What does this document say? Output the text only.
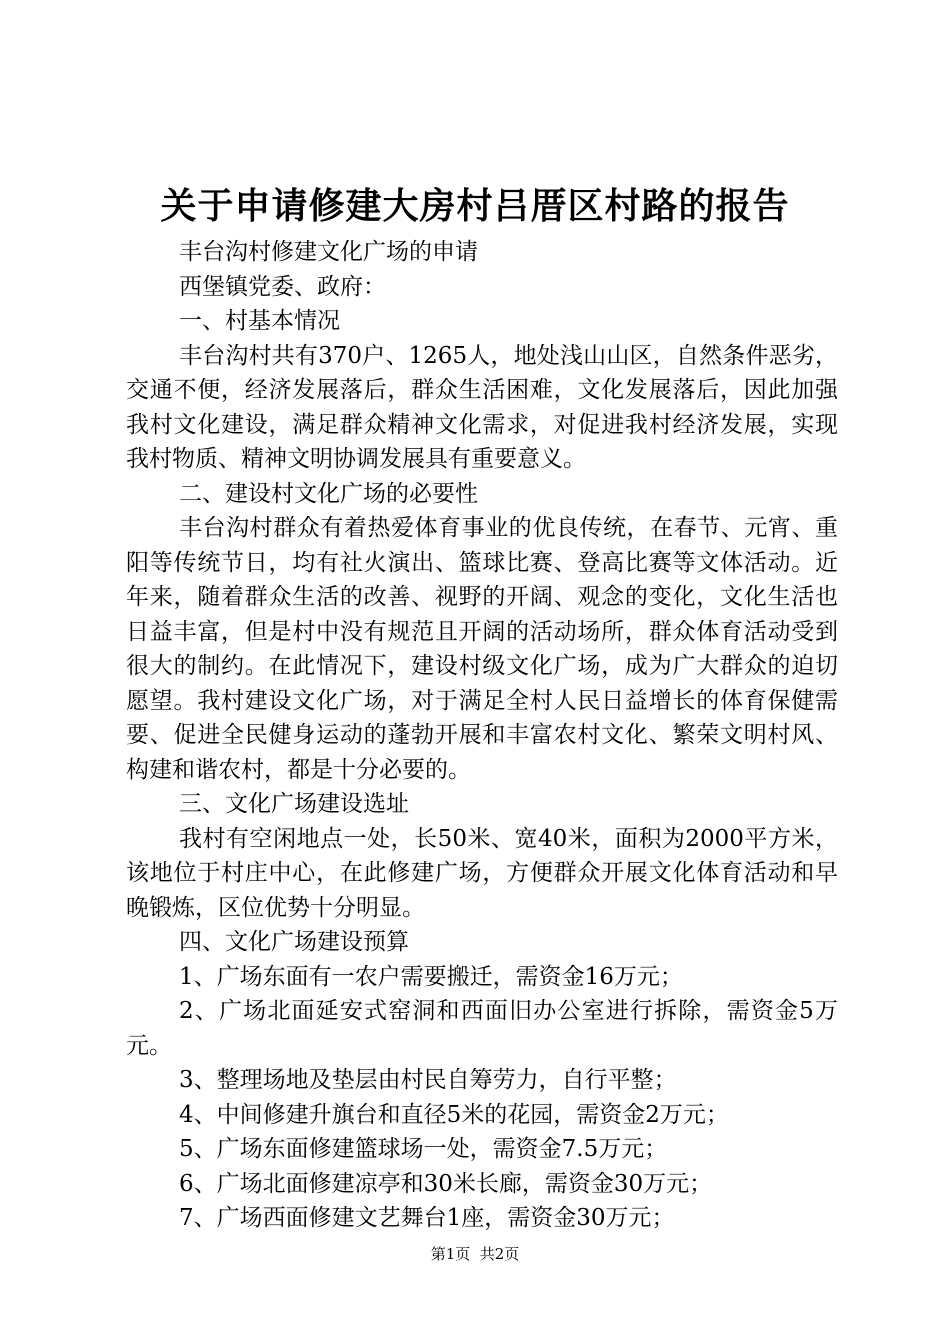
关于申请修建大房村吕厝区村路的报告

丰台沟村修建文化广场的申请

西堡镇党委、政府：

一、村基本情况

丰台沟村共有370户、1265人，地处浅山山区，自然条件恶劣，交通不便，经济发展落后，群众生活困难，文化发展落后，因此加强我村文化建设，满足群众精神文化需求，对促进我村经济发展，实现我村物质、精神文明协调发展具有重要意义。

二、建设村文化广场的必要性

丰台沟村群众有着热爱体育事业的优良传统，在春节、元宵、重阳等传统节日，均有社火演出、篮球比赛、登高比赛等文体活动。近年来，随着群众生活的改善、视野的开阔、观念的变化，文化生活也日益丰富，但是村中没有规范且开阔的活动场所，群众体育活动受到很大的制约。在此情况下，建设村级文化广场，成为广大群众的迫切愿望。我村建设文化广场，对于满足全村人民日益增长的体育保健需要、促进全民健身运动的蓬勃开展和丰富农村文化、繁荣文明村风、构建和谐农村，都是十分必要的。

三、文化广场建设选址

我村有空闲地点一处，长50米、宽40米，面积为2000平方米，该地位于村庄中心，在此修建广场，方便群众开展文化体育活动和早晚锻炼，区位优势十分明显。

四、文化广场建设预算

1、广场东面有一农户需要搬迁，需资金16万元；

2、广场北面延安式窑洞和西面旧办公室进行拆除，需资金5万元。

3、整理场地及垫层由村民自筹劳力，自行平整；

4、中间修建升旗台和直径5米的花园，需资金2万元；

5、广场东面修建篮球场一处，需资金7.5万元；

6、广场北面修建凉亭和30米长廊，需资金30万元；

7、广场西面修建文艺舞台1座，需资金30万元；

第1页  共2页
